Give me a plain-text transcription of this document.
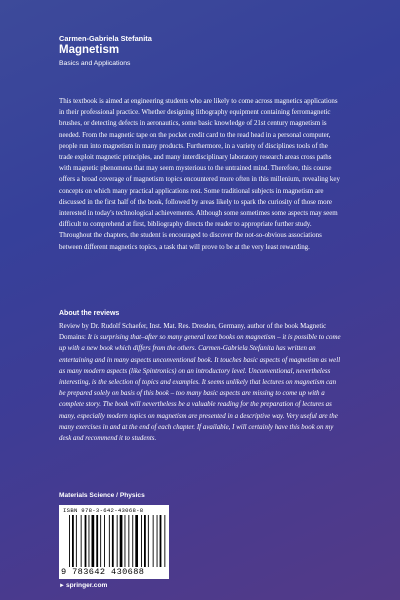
Carmen-Gabriela Stefanita
Magnetism
Basics and Applications

This textbook is aimed at engineering students who are likely to come across magnetics applications in their professional practice. Whether designing lithography equipment containing ferromagnetic brushes, or detecting defects in aeronautics, some basic knowledge of 21st century magnetism is needed. From the magnetic tape on the pocket credit card to the read head in a personal computer, people run into magnetism in many products. Furthermore, in a variety of disciplines tools of the trade exploit magnetic principles, and many interdisciplinary laboratory research areas cross paths with magnetic phenomena that may seem mysterious to the untrained mind. Therefore, this course offers a broad coverage of magnetism topics encountered more often in this millenium, revealing key concepts on which many practical applications rest. Some traditional subjects in magnetism are discussed in the first half of the book, followed by areas likely to spark the curiosity of those more interested in today's technological achievements. Although some sometimes some aspects may seem difficult to comprehend at first, bibliography directs the reader to appropriate further study. Throughout the chapters, the student is encouraged to discover the not-so-obvious associations between different magnetics topics, a task that will prove to be at the very least rewarding.

About the reviews

Review by Dr. Rudolf Schaefer, Inst. Mat. Res. Dresden, Germany, author of the book Magnetic Domains: It is surprising that–after so many general text books on magnetism – it is possible to come up with a new book which differs from the others. Carmen-Gabriela Stefanita has written an entertaining and in many aspects unconventional book. It touches basic aspects of magnetism as well as many modern aspects (like Spintronics) on an introductory level. Unconventional, nevertheless interesting, is the selection of topics and examples. It seems unlikely that lectures on magnetism can be prepared solely on basis of this book – too many basic aspects are missing to come up with a complete story. The book will nevertheless be a valuable reading for the preparation of lectures as many, especially modern topics on magnetism are presented in a descriptive way. Very useful are the many exercises in and at the end of each chapter. If available, I will certainly have this book on my desk and recommend it to students.

Materials Science / Physics
ISBN 978-3-642-43068-8
9 783642 430688
►springer.com
